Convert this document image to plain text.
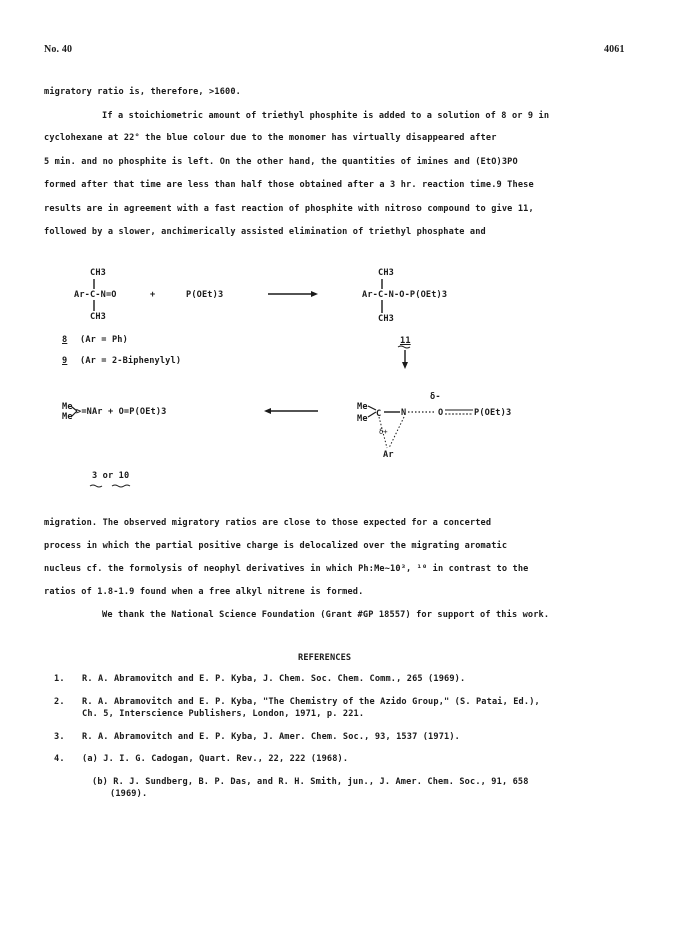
No. 40	4061
migratory ratio is, therefore, >1600.
If a stoichiometric amount of triethyl phosphite is added to a solution of 8 or 9 in
cyclohexane at 22° the blue colour due to the monomer has virtually disappeared after
5 min. and no phosphite is left. On the other hand, the quantities of imines and (EtO)3PO
formed after that time are less than half those obtained after a 3 hr. reaction time.9 These
results are in agreement with a fast reaction of phosphite with nitroso compound to give 11,
followed by a slower, anchimerically assisted elimination of triethyl phosphate and
CH3
Ar-C-N=O
CH3
+	P(OEt)3
CH3
Ar-C-N-O-P(OEt)3
CH3
8 (Ar = Ph)
9 (Ar = 2-Biphenylyl)
11
Me
Me >=NAr + O=P(OEt)3	Me
Me
δ-
N	O	P(OEt)3
δ+
Ar
3 or 10
C
migration. The observed migratory ratios are close to those expected for a concerted
process in which the partial positive charge is delocalized over the migrating aromatic
nucleus cf. the formolysis of neophyl derivatives in which Ph:Me~10³, ¹⁰ in contrast to the
ratios of 1.8-1.9 found when a free alkyl nitrene is formed.
We thank the National Science Foundation (Grant #GP 18557) for support of this work.
REFERENCES
1. R. A. Abramovitch and E. P. Kyba, J. Chem. Soc. Chem. Comm., 265 (1969).
2. R. A. Abramovitch and E. P. Kyba, "The Chemistry of the Azido Group," (S. Patai, Ed.),
Ch. 5, Interscience Publishers, London, 1971, p. 221.
3. R. A. Abramovitch and E. P. Kyba, J. Amer. Chem. Soc., 93, 1537 (1971).
4. (a) J. I. G. Cadogan, Quart. Rev., 22, 222 (1968).
(b) R. J. Sundberg, B. P. Das, and R. H. Smith, jun., J. Amer. Chem. Soc., 91, 658
(1969).
